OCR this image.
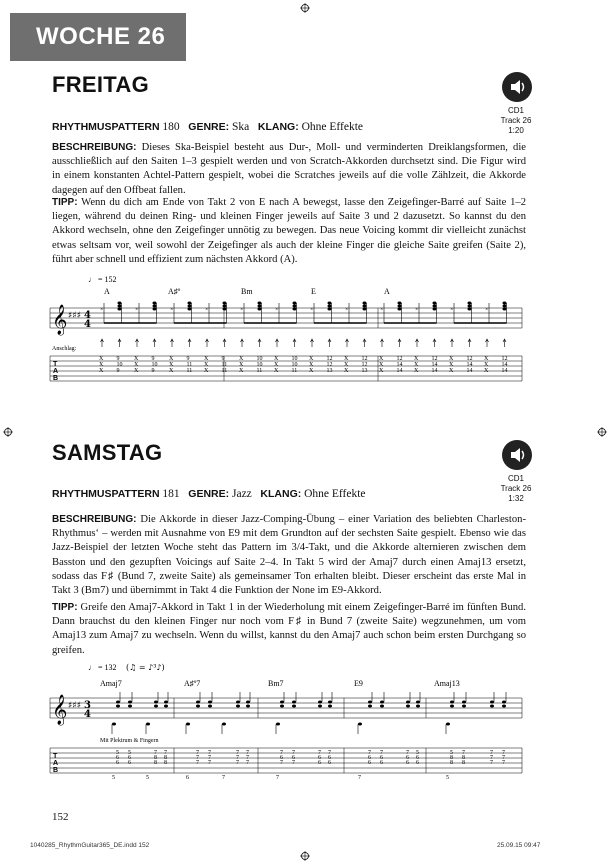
WOCHE 26
FREITAG
CD1
Track 26
1:20
RHYTHMUSPATTERN 180 GENRE: Ska KLANG: Ohne Effekte
BESCHREIBUNG: Dieses Ska-Beispiel besteht aus Dur-, Moll- und verminderten Dreiklangsformen, die ausschließlich auf den Saiten 1–3 gespielt werden und von Scratch-Akkorden durchsetzt sind. Die Figur wird in einem konstanten Achtel-Pattern gespielt, wobei die Scratches jeweils auf die volle Zählzeit, die Akkorde dagegen auf den Offbeat fallen.
TIPP: Wenn du dich am Ende von Takt 2 von E nach A bewegst, lasse den Zeigefinger-Barré auf Saite 1–2 liegen, während du deinen Ring- und kleinen Finger jeweils auf Saite 3 und 2 dazusetzt. So kannst du den Akkord wechseln, ohne den Zeigefinger unnötig zu bewegen. Das neue Voicing kommt dir vielleicht zunächst etwas seltsam vor, weil sowohl der Zeigefinger als auch der kleine Finger die gleiche Saite greifen (Saite 2), führt aber schnell und effizient zum nächsten Akkord (A).
♩ = 152
A	A♯º	Bm	E	A
𝄞 ♯♯♯ 4
4
×	×	×	×	×	×	×	×	×	×	×	×
Anschlag:
T
A
B
X
X
X
9
10
9
X
X
X
9
10
9
X
X
X
9
11
11
X
X
X
9
11
11
X
X
X
10
10
11
X
X
X
10
10
11
X
X
X
12
12
13
X
X
X
12
12
13
X
X
X
12
14
14
X
X
X
12
14
14
X
X
X
12
14
14
X
X
X
12
14
14
SAMSTAG
CD1
Track 26
1:32
RHYTHMUSPATTERN 181 GENRE: Jazz KLANG: Ohne Effekte
BESCHREIBUNG: Die Akkorde in dieser Jazz-Comping-Übung – einer Variation des beliebten Charleston-Rhythmus‘ – werden mit Ausnahme von E9 mit dem Grundton auf der sechsten Saite gespielt. Ebenso wie das Jazz-Beispiel der letzten Woche steht das Pattern im 3/4-Takt, und die Akkorde alternieren zwischen dem Basston und den gezupften Voicings auf Saite 2–4. In Takt 5 wird der Amaj7 durch einen Amaj13 ersetzt, sodass das F♯ (Bund 7, zweite Saite) als gemeinsamer Ton erhalten bleibt. Dieser erscheint das erste Mal in Takt 3 (Bm7) und übernimmt in Takt 4 die Funktion der None im E9-Akkord.
TIPP: Greife den Amaj7-Akkord in Takt 1 in der Wiederholung mit einem Zeigefinger-Barré im fünften Bund. Dann brauchst du den kleinen Finger nur noch vom F♯ in Bund 7 (zweite Saite) wegzunehmen, um vom Amaj13 zum Amaj7 zu wechseln. Wenn du willst, kannst du den Amaj7 auch schon beim ersten Durchgang so greifen.
♩ = 132 (♫ = ♪³♪)
Amaj7	A♯º7	Bm7	E9	Amaj13
𝄞 ♯♯♯ 3
4
Mit Plektrum & Fingern
T
A
B
5
6
6
5
6
6
7
8
8
7
8
8
7
7
7
7
7
7
7
7
7
7
7
7
7
6
7
7
6
7
7
6
6
7
6
6
7
6
6
7
6
6
7
6
6
5
6
6
5
8
8
7
8
8
7
7
7
7
7
7
5	5	6	7	7	7	5
152
1040285_RhythmGuitar365_DE.indd 152	25.09.15 09:47
